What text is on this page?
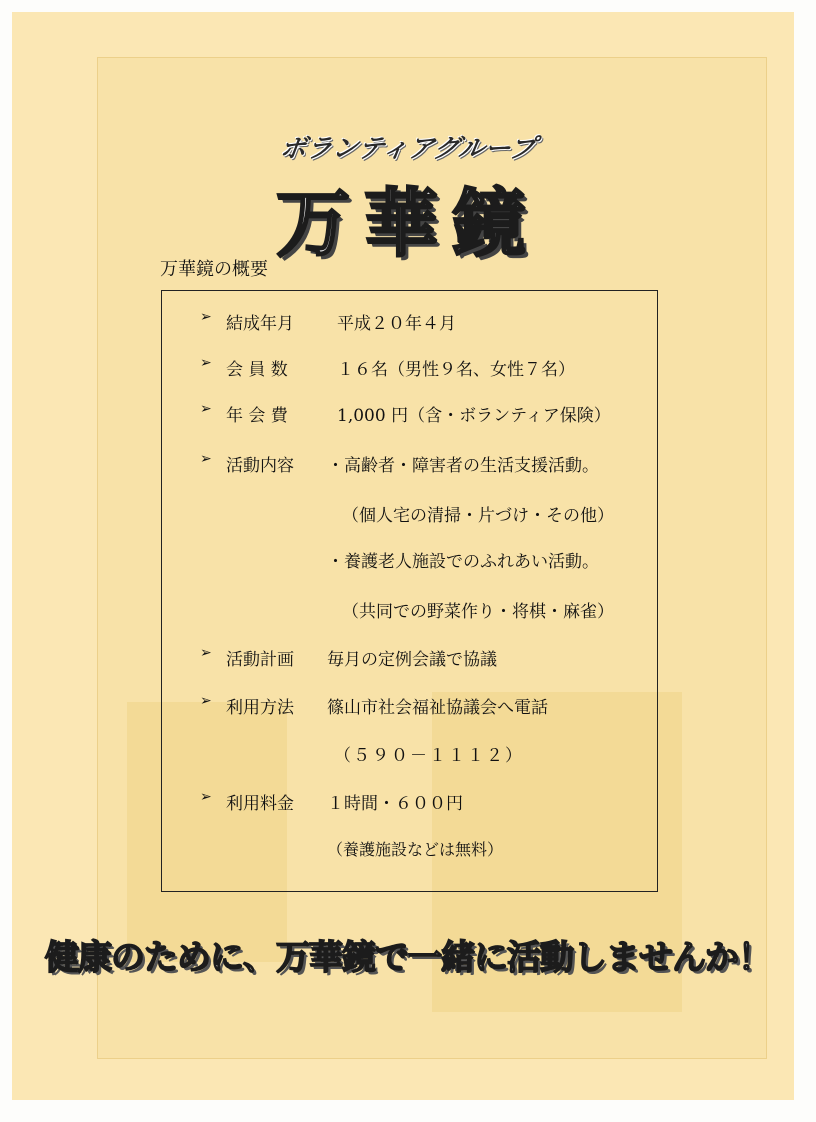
ボランティアグループ
万華鏡
万華鏡の概要
➢ 結成年月	平成２０年４月
➢ 会 員 数	１６名（男性９名、女性７名）
➢ 年 会 費	1,000 円（含・ボランティア保険）
➢ 活動内容 ・高齢者・障害者の生活支援活動。
（個人宅の清掃・片づけ・その他）
・養護老人施設でのふれあい活動。
（共同での野菜作り・将棋・麻雀）
➢ 活動計画 毎月の定例会議で協議
➢ 利用方法 篠山市社会福祉協議会へ電話
（５９０－１１１２）
➢ 利用料金 １時間・６００円
（養護施設などは無料）
健康のために、万華鏡で一緒に活動しませんか！
